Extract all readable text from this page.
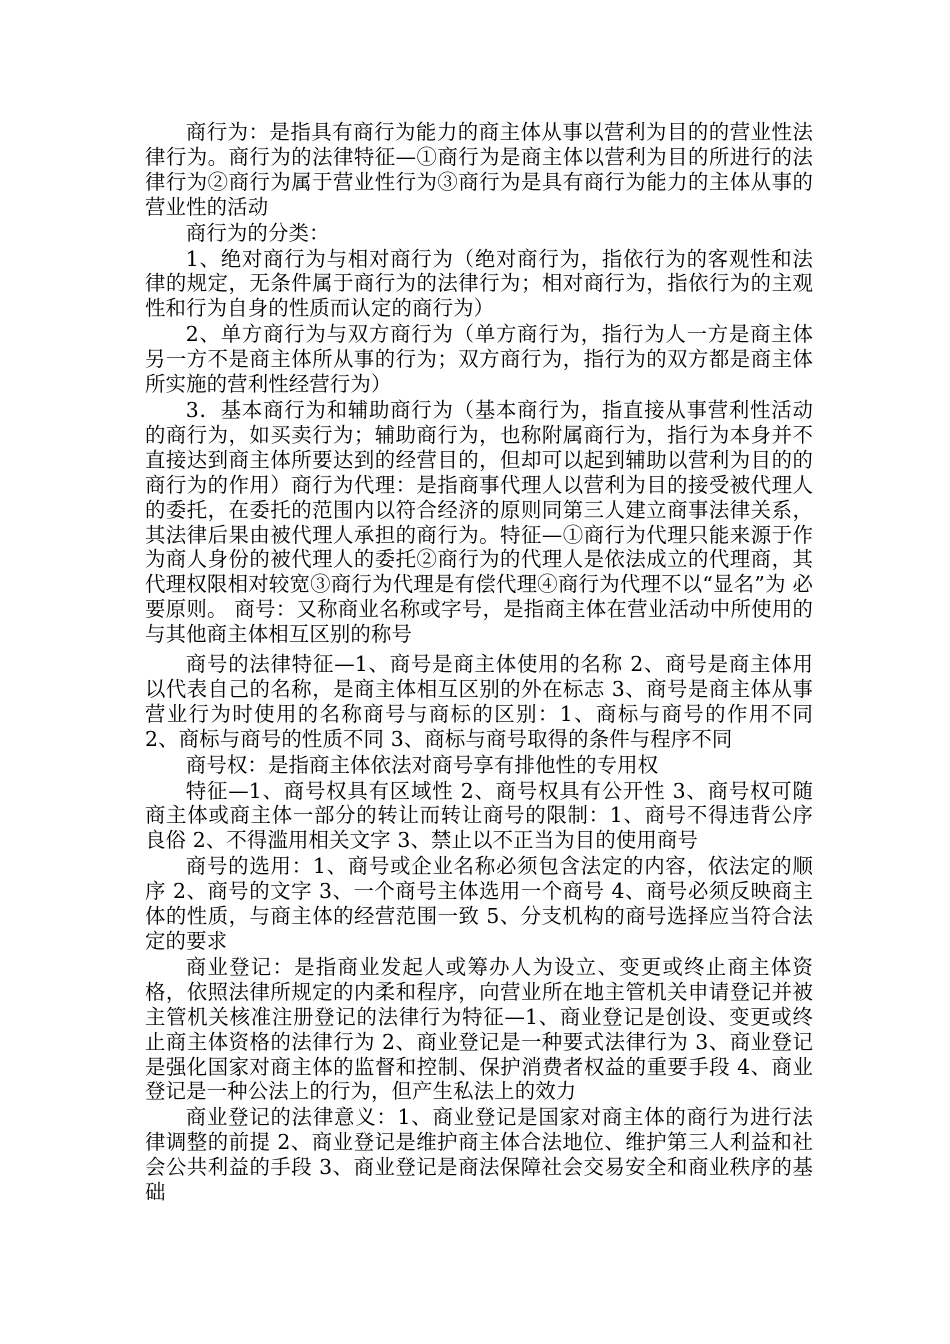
商行为：是指具有商行为能力的商主体从事以营利为目的的营业性法律行为。商行为的法律特征—①商行为是商主体以营利为目的所进行的法律行为②商行为属于营业性行为③商行为是具有商行为能力的主体从事的营业性的活动

商行为的分类：

1、绝对商行为与相对商行为（绝对商行为，指依行为的客观性和法律的规定，无条件属于商行为的法律行为；相对商行为，指依行为的主观性和行为自身的性质而认定的商行为）

2、单方商行为与双方商行为（单方商行为，指行为人一方是商主体另一方不是商主体所从事的行为；双方商行为，指行为的双方都是商主体所实施的营利性经营行为）

3．基本商行为和辅助商行为（基本商行为，指直接从事营利性活动的商行为，如买卖行为；辅助商行为，也称附属商行为，指行为本身并不直接达到商主体所要达到的经营目的，但却可以起到辅助以营利为目的的商行为的作用）商行为代理：是指商事代理人以营利为目的接受被代理人的委托，在委托的范围内以符合经济的原则同第三人建立商事法律关系，其法律后果由被代理人承担的商行为。特征—①商行为代理只能来源于作为商人身份的被代理人的委托②商行为的代理人是依法成立的代理商，其代理权限相对较宽③商行为代理是有偿代理④商行为代理不以“显名”为 必要原则。 商号：又称商业名称或字号，是指商主体在营业活动中所使用的与其他商主体相互区别的称号

商号的法律特征—1、商号是商主体使用的名称 2、商号是商主体用以代表自己的名称，是商主体相互区别的外在标志 3、商号是商主体从事营业行为时使用的名称商号与商标的区别：1、商标与商号的作用不同 2、商标与商号的性质不同 3、商标与商号取得的条件与程序不同

商号权：是指商主体依法对商号享有排他性的专用权

特征—1、商号权具有区域性 2、商号权具有公开性 3、商号权可随商主体或商主体一部分的转让而转让商号的限制：1、商号不得违背公序良俗 2、不得滥用相关文字 3、禁止以不正当为目的使用商号

商号的选用：1、商号或企业名称必须包含法定的内容，依法定的顺序 2、商号的文字 3、一个商号主体选用一个商号 4、商号必须反映商主体的性质，与商主体的经营范围一致 5、分支机构的商号选择应当符合法定的要求

商业登记：是指商业发起人或筹办人为设立、变更或终止商主体资格，依照法律所规定的内柔和程序，向营业所在地主管机关申请登记并被主管机关核准注册登记的法律行为特征—1、商业登记是创设、变更或终止商主体资格的法律行为 2、商业登记是一种要式法律行为 3、商业登记是强化国家对商主体的监督和控制、保护消费者权益的重要手段 4、商业登记是一种公法上的行为，但产生私法上的效力

商业登记的法律意义：1、商业登记是国家对商主体的商行为进行法律调整的前提 2、商业登记是维护商主体合法地位、维护第三人利益和社会公共利益的手段 3、商业登记是商法保障社会交易安全和商业秩序的基础
